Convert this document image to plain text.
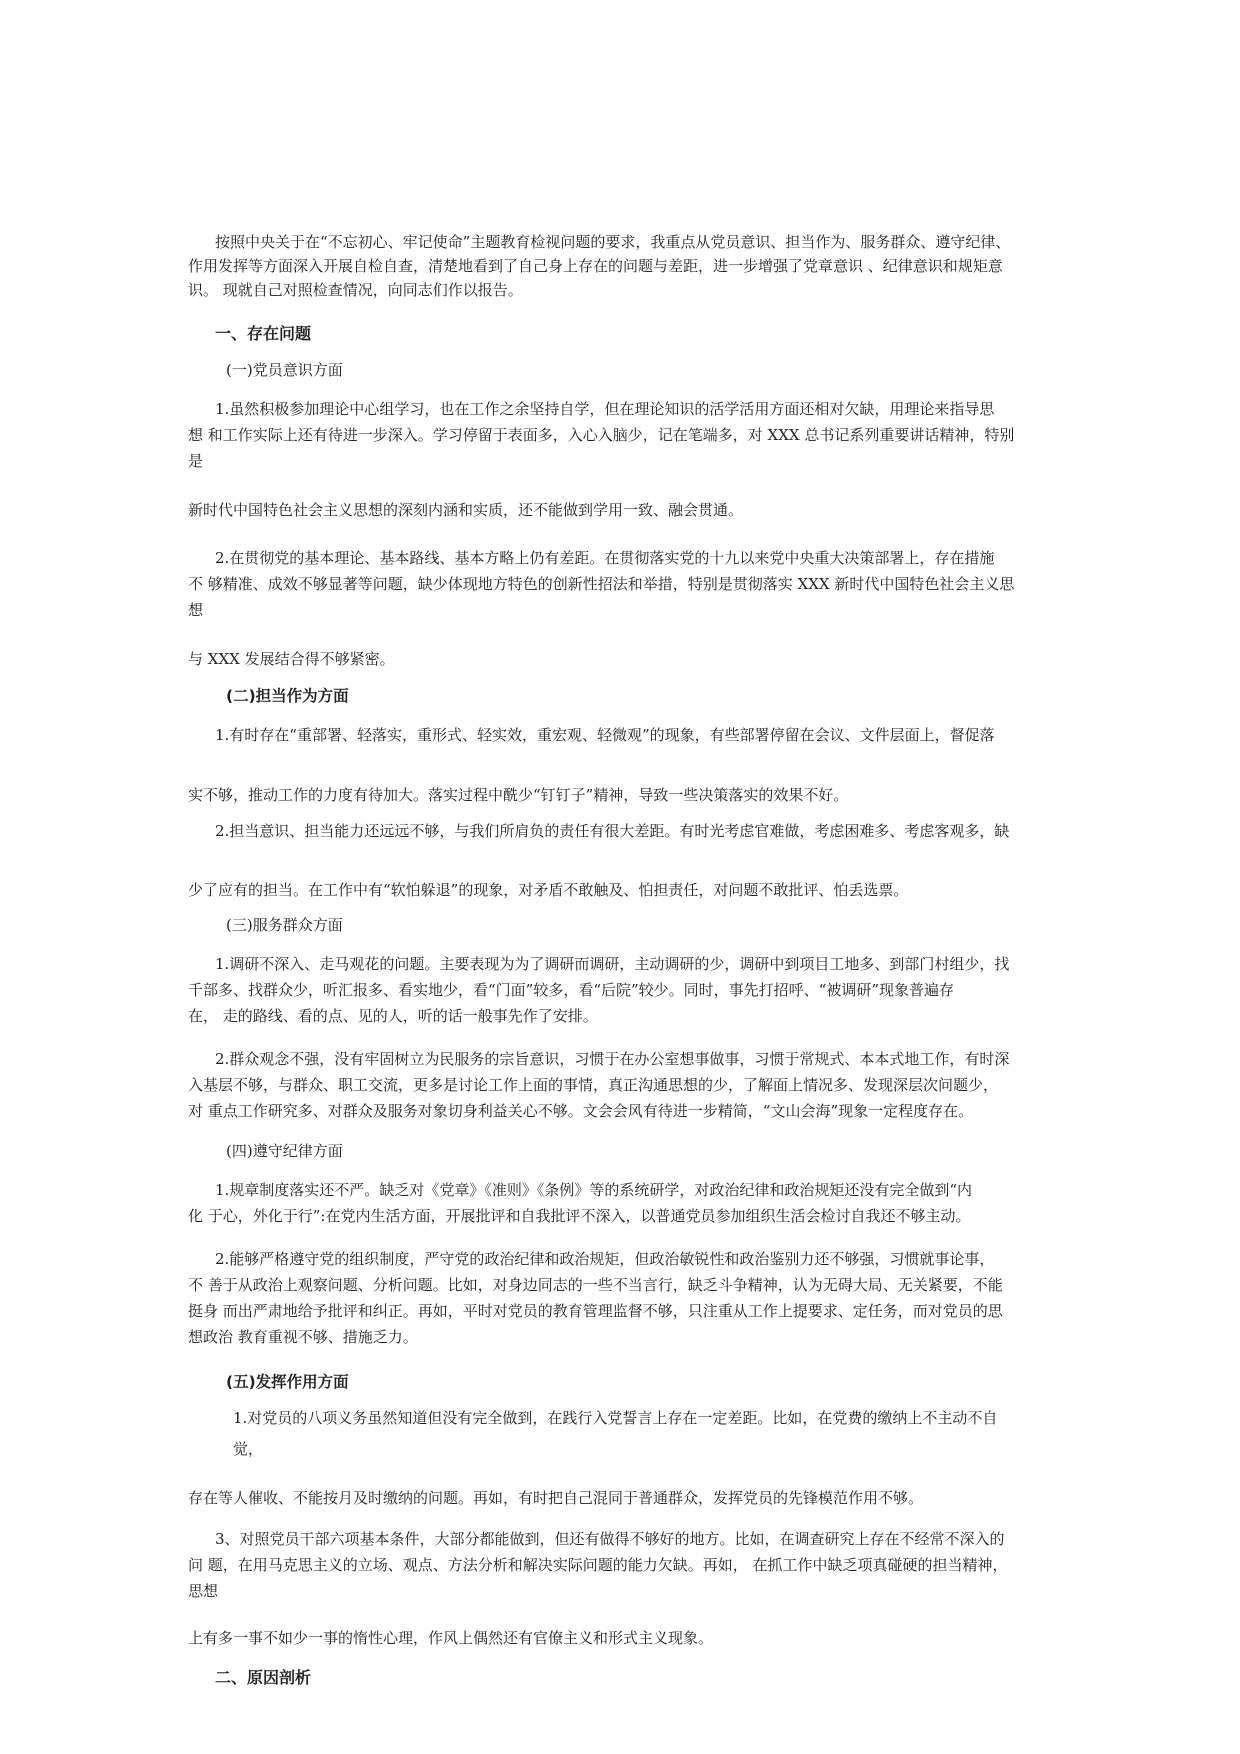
按照中央关于在“不忘初心、牢记使命”主题教育检视问题的要求，我重点从党员意识、担当作为、服务群众、遵守纪律、

作用发挥等方面深入开展自检自查，清楚地看到了自己身上存在的问题与差距，进一步增强了党章意识 、纪律意识和规矩意

识。 现就自己对照检查情况，向同志们作以报告。

一、存在问题

(一)党员意识方面

1.虽然积极参加理论中心组学习，也在工作之余坚持自学，但在理论知识的活学活用方面还相对欠缺，用理论来指导思

想 和工作实际上还有待进一步深入。学习停留于表面多，入心入脑少，记在笔端多，对 XXX 总书记系列重要讲话精神，特别

是

新时代中国特色社会主义思想的深刻内涵和实质，还不能做到学用一致、融会贯通。

2.在贯彻党的基本理论、基本路线、基本方略上仍有差距。在贯彻落实党的十九以来党中央重大决策部署上，存在措施

不 够精准、成效不够显著等问题，缺少体现地方特色的创新性招法和举措，特别是贯彻落实 XXX 新时代中国特色社会主义思

想

与 XXX 发展结合得不够紧密。

(二)担当作为方面

1.有时存在“重部署、轻落实，重形式、轻实效，重宏观、轻微观”的现象，有些部署停留在会议、文件层面上，督促落

实不够，推动工作的力度有待加大。落实过程中酰少“钉钉子”精神，导致一些决策落实的效果不好。

2.担当意识、担当能力还远远不够，与我们所肩负的责任有很大差距。有时光考虑官难做，考虑困难多、考虑客观多，缺

少了应有的担当。在工作中有“软怕躲退”的现象，对矛盾不敢触及、怕担责任，对问题不敢批评、怕丢选票。

(三)服务群众方面

1.调研不深入、走马观花的问题。主要表现为为了调研而调研，主动调研的少，调研中到项目工地多、到部门村组少，找

千部多、找群众少，听汇报多、看实地少，看“门面”较多，看“后院”较少。同时，事先打招呼、“被调研”现象普遍存

在， 走的路线、看的点、见的人，听的话一般事先作了安排。

2.群众观念不强，没有牢固树立为民服务的宗旨意识，习惯于在办公室想事做事，习惯于常规式、本本式地工作，有时深

入基层不够，与群众、职工交流，更多是讨论工作上面的事情，真正沟通思想的少，了解面上情况多、发现深层次问题少，

对 重点工作研究多、对群众及服务对象切身利益关心不够。文会会风有待进一步精简，“文山会海”现象一定程度存在。

(四)遵守纪律方面

1.规章制度落实还不严。缺乏对《党章》《准则》《条例》等的系统研学，对政治纪律和政治规矩还没有完全做到“内

化 于心，外化于行”:在党内生活方面，开展批评和自我批评不深入，以普通党员参加组织生活会检讨自我还不够主动。

2.能够严格遵守党的组织制度，严守党的政治纪律和政治规矩，但政治敏锐性和政治鉴别力还不够强，习惯就事论事，

不 善于从政治上观察问题、分析问题。比如，对身边同志的一些不当言行，缺乏斗争精神，认为无碍大局、无关紧要，不能

挺身 而出严肃地给予批评和纠正。再如，平时对党员的教育管理监督不够，只注重从工作上提要求、定任务，而对党员的思

想政治 教育重视不够、措施乏力。

(五)发挥作用方面

1.对党员的八项义务虽然知道但没有完全做到，在践行入党誓言上存在一定差距。比如，在党费的缴纳上不主动不自

觉，

存在等人催收、不能按月及时缴纳的问题。再如，有时把自己混同于普通群众，发挥党员的先锋模范作用不够。

3、对照党员干部六项基本条件，大部分都能做到，但还有做得不够好的地方。比如，在调查研究上存在不经常不深入的

问 题，在用马克思主义的立场、观点、方法分析和解决实际问题的能力欠缺。再如， 在抓工作中缺乏项真碰硬的担当精神，

思想

上有多一事不如少一事的惰性心理，作风上偶然还有官僚主义和形式主义现象。

二、原因剖析
